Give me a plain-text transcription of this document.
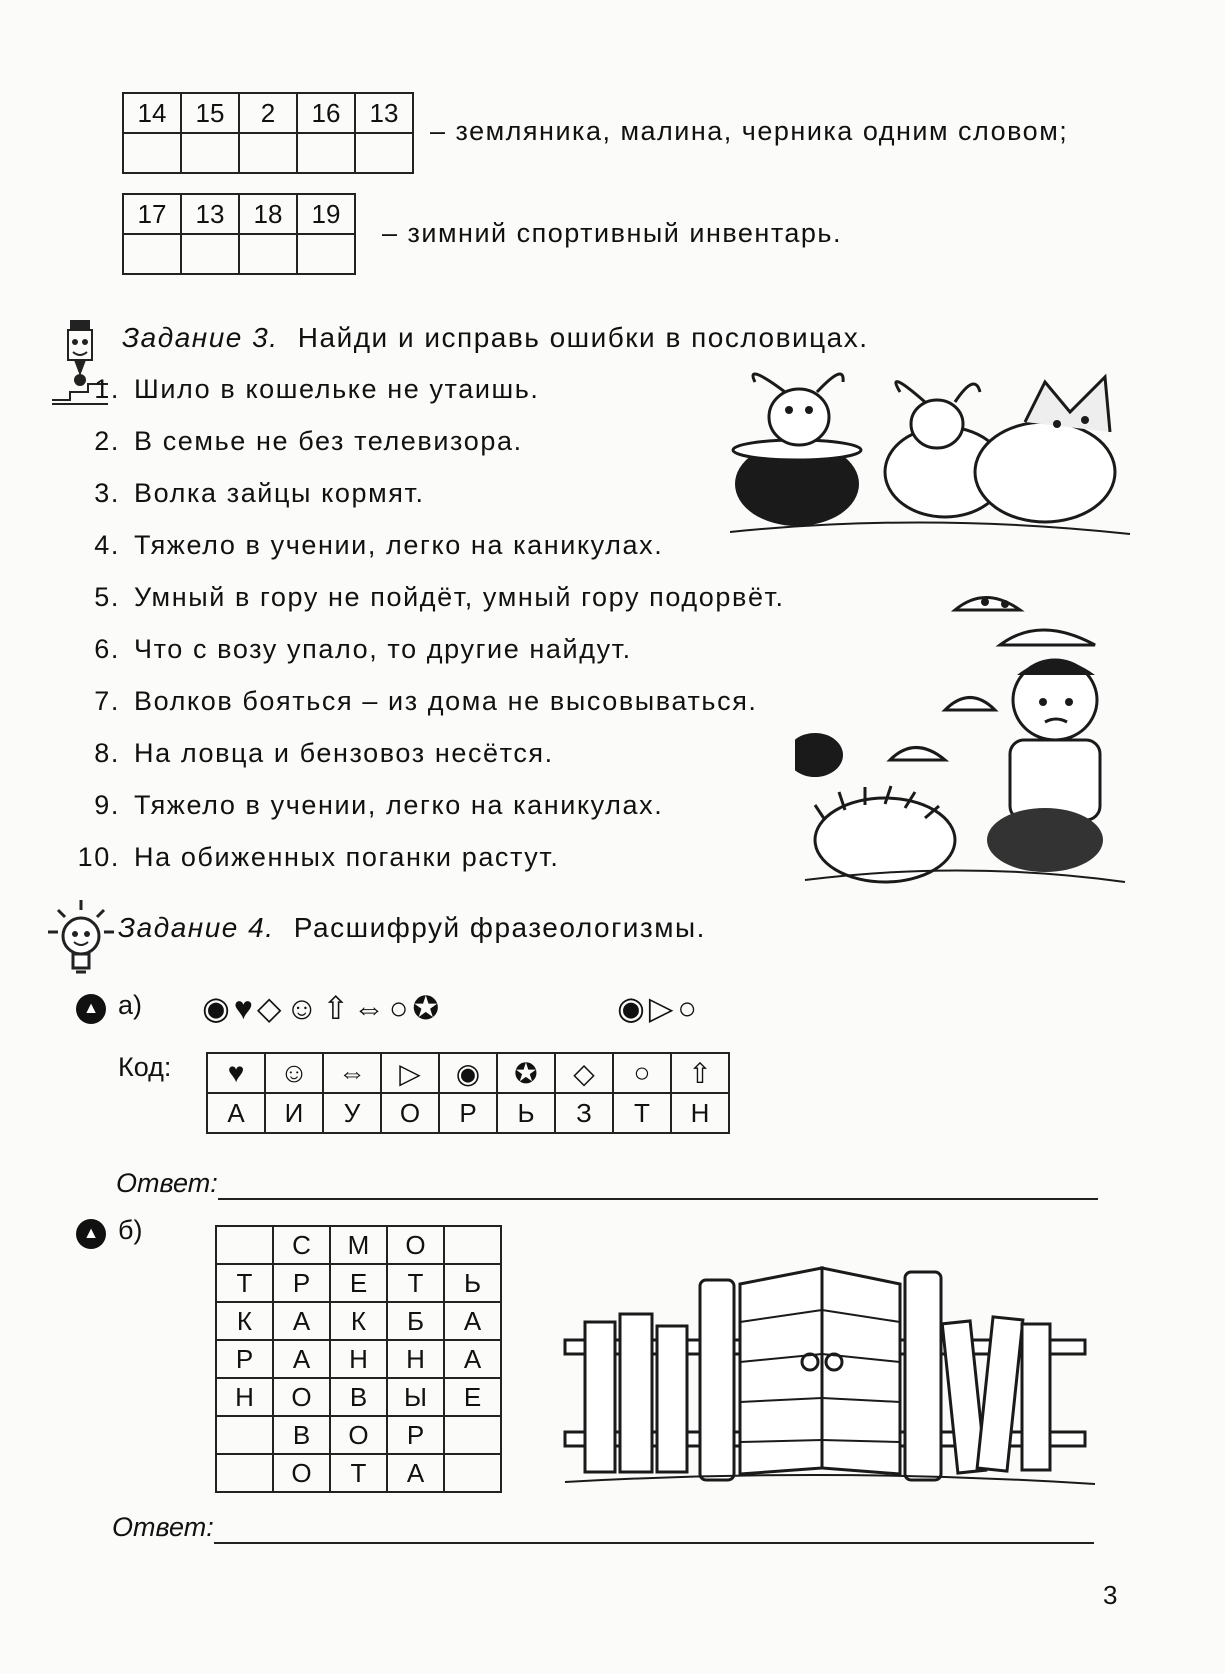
14	15	2	16	13

– земляника, малина, черника одним словом;
17	13	18	19

– зимний спортивный инвентарь.
Задание 3. Найди и исправь ошибки в пословицах.
1. Шило в кошельке не утаишь.
2. В семье не без телевизора.
3. Волка зайцы кормят.
4. Тяжело в учении, легко на каникулах.
5. Умный в гору не пойдёт, умный гору подорвёт.
6. Что с возу упало, то другие найдут.
7. Волков бояться – из дома не высовываться.
8. На ловца и бензовоз несётся.
9. Тяжело в учении, легко на каникулах.
10. На обиженных поганки растут.
Задание 4. Расшифруй фразеологизмы.
▲ а) ◉♥◇☺⇧⇔○✪	◉▷○
Код: ♥	☺	⇔	▷	◉	✪	◇	○	⇧
А	И	У	О	Р	Ь	З	Т	Н
Ответ:
▲ б)
		С	М	О	
Т	Р	Е	Т	Ь
К	А	К	Б	А
Р	А	Н	Н	А
Н	О	В	Ы	Е
	В	О	Р	
	О	Т	А	
Ответ:
3
